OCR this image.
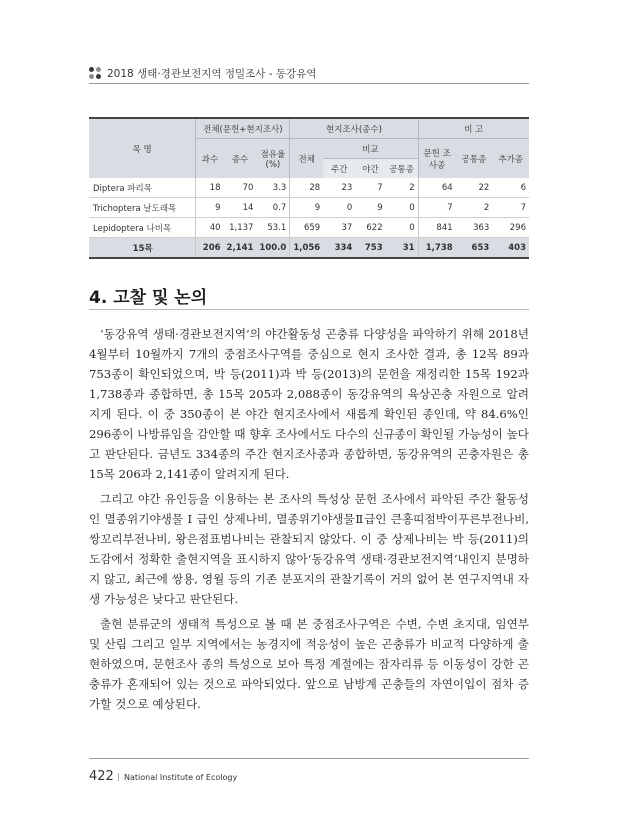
2018 생태·경관보전지역 정밀조사 - 동강유역
목 명	전체(문헌+현지조사)			현지조사(종수)				비 고		
	과수	종수	점유율 (%)	전체	비교			문헌 조사종	공통종	추가종
					주간	야간	공통종			
Diptera 파리목	18	70	3.3	28	23	7	2	64	22	6
Trichoptera 날도래목	9	14	0.7	9	0	9	0	7	2	7
Lepidoptera 나비목	40	1,137	53.1	659	37	622	0	841	363	296
15목	206	2,141	100.0	1,056	334	753	31	1,738	653	403
4. 고찰 및 논의

‘동강유역 생태·경관보전지역’의 야간활동성 곤충류 다양성을 파악하기 위해 2018년 4월부터 10월까지 7개의 중점조사구역를 중심으로 현지 조사한 결과, 총 12목 89과 753종이 확인되었으며, 박 등(2011)과 박 등(2013)의 문헌을 재정리한 15목 192과 1,738종과 종합하면, 총 15목 205과 2,088종이 동강유역의 육상곤충 자원으로 알려지게 된다. 이 중 350종이 본 야간 현지조사에서 새롭게 확인된 종인데, 약 84.6%인 296종이 나방류임을 감안할 때 향후 조사에서도 다수의 신규종이 확인될 가능성이 높다고 판단된다. 금년도 334종의 주간 현지조사종과 종합하면, 동강유역의 곤충자원은 총 15목 206과 2,141종이 알려지게 된다.

그리고 야간 유인등을 이용하는 본 조사의 특성상 문헌 조사에서 파악된 주간 활동성인 멸종위기야생물 I 급인 상제나비, 멸종위기야생물Ⅱ급인 큰홍띠점박이푸른부전나비, 쌍꼬리부전나비, 왕은점표범나비는 관찰되지 않았다. 이 중 상제나비는 박 등(2011)의 도감에서 정확한 출현지역을 표시하지 않아‘동강유역 생태·경관보전지역’내인지 분명하지 않고, 최근에 쌍용, 영월 등의 기존 분포지의 관찰기록이 거의 없어 본 연구지역내 자생 가능성은 낮다고 판단된다.

출현 분류군의 생태적 특성으로 볼 때 본 중점조사구역은 수변, 수변 초지대, 임연부 및 산림 그리고 일부 지역에서는 농경지에 적응성이 높은 곤충류가 비교적 다양하게 출현하였으며, 문헌조사 종의 특성으로 보아 특정 계절에는 잠자리류 등 이동성이 강한 곤충류가 혼재되어 있는 것으로 파악되었다. 앞으로 남방계 곤충들의 자연이입이 점차 증가할 것으로 예상된다.

422 | National Institute of Ecology
